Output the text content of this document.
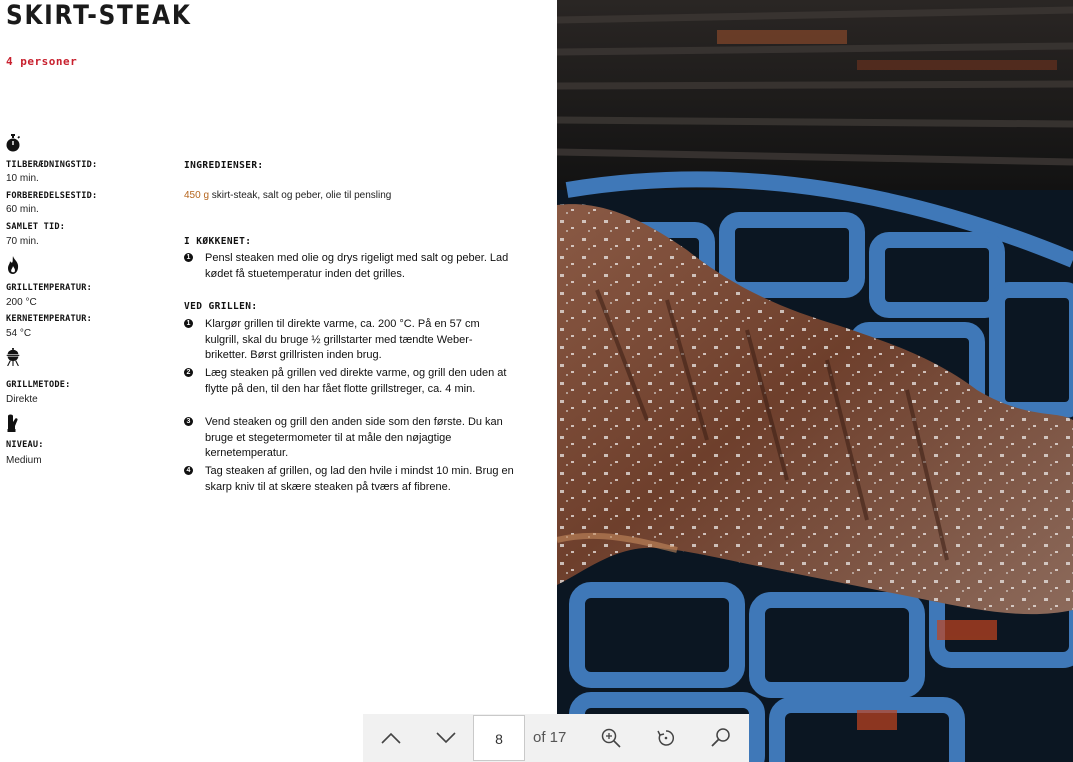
SKIRT-STEAK
4 personer
TILBERÆDNINGSTID:
10 min.
FORBEREDELSESTID:
60 min.
SAMLET TID:
70 min.
GRILLTEMPERATUR:
200 °C
KERNETEMPERATUR:
54 °C
GRILLMETODE:
Direkte
NIVEAU:
Medium
INGREDIENSER:
450 g skirt-steak, salt og peber, olie til pensling
I KØKKENET:
1	Pensl steaken med olie og drys rigeligt med salt og peber. Lad kødet få stuetemperatur inden det grilles.
VED GRILLEN:
1	Klargør grillen til direkte varme, ca. 200 °C. På en 57 cm kulgrill, skal du bruge ½ grillstarter med tændte Weber-briketter. Børst grillristen inden brug.
2	Læg steaken på grillen ved direkte varme, og grill den uden at flytte på den, til den har fået flotte grillstreger, ca. 4 min.
3	Vend steaken og grill den anden side som den første. Du kan bruge et stegetermometer til at måle den nøjagtige kernetemperatur.
4	Tag steaken af grillen, og lad den hvile i mindst 10 min. Brug en skarp kniv til at skære steaken på tværs af fibrene.
8	of 17
